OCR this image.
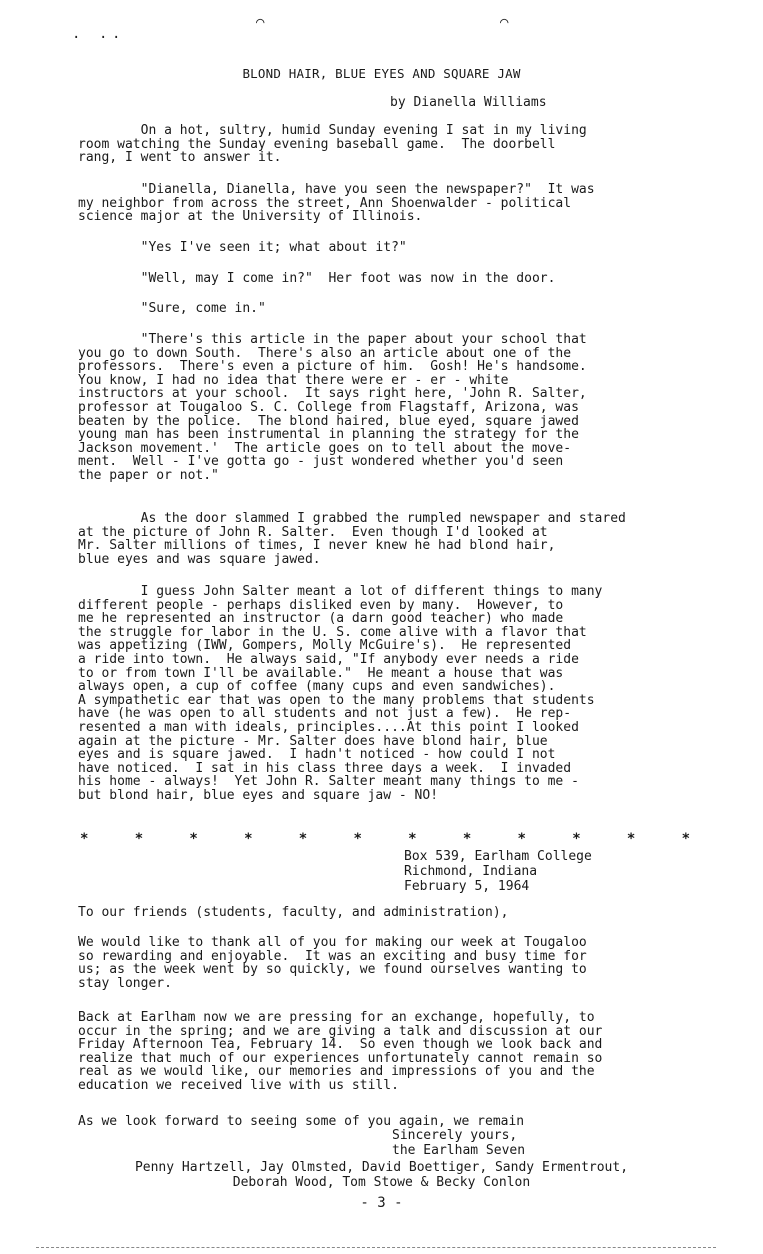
· · ·
⌒	⌒
BLOND HAIR, BLUE EYES AND SQUARE JAW
by Dianella Williams
On a hot, sultry, humid Sunday evening I sat in my living
room watching the Sunday evening baseball game.  The doorbell
rang, I went to answer it.
"Dianella, Dianella, have you seen the newspaper?"  It was
my neighbor from across the street, Ann Shoenwalder - political
science major at the University of Illinois.
"Yes I've seen it; what about it?"
"Well, may I come in?"  Her foot was now in the door.
"Sure, come in."
"There's this article in the paper about your school that
you go to down South.  There's also an article about one of the
professors.  There's even a picture of him.  Gosh! He's handsome.
You know, I had no idea that there were er - er - white
instructors at your school.  It says right here, 'John R. Salter,
professor at Tougaloo S. C. College from Flagstaff, Arizona, was
beaten by the police.  The blond haired, blue eyed, square jawed
young man has been instrumental in planning the strategy for the
Jackson movement.'  The article goes on to tell about the move-
ment.  Well - I've gotta go - just wondered whether you'd seen
the paper or not."
As the door slammed I grabbed the rumpled newspaper and stared
at the picture of John R. Salter.  Even though I'd looked at
Mr. Salter millions of times, I never knew he had blond hair,
blue eyes and was square jawed.
I guess John Salter meant a lot of different things to many
different people - perhaps disliked even by many.  However, to
me he represented an instructor (a darn good teacher) who made
the struggle for labor in the U. S. come alive with a flavor that
was appetizing (IWW, Gompers, Molly McGuire's).  He represented
a ride into town.  He always said, "If anybody ever needs a ride
to or from town I'll be available."  He meant a house that was
always open, a cup of coffee (many cups and even sandwiches).
A sympathetic ear that was open to the many problems that students
have (he was open to all students and not just a few).  He rep-
resented a man with ideals, principles....At this point I looked
again at the picture - Mr. Salter does have blond hair, blue
eyes and is square jawed.  I hadn't noticed - how could I not
have noticed.  I sat in his class three days a week.  I invaded
his home - always!  Yet John R. Salter meant many things to me -
but blond hair, blue eyes and square jaw - NO!
*	*	*	*	*	*	*	*	*	*	*	*
Box 539, Earlham College
Richmond, Indiana
February 5, 1964
To our friends (students, faculty, and administration),
We would like to thank all of you for making our week at Tougaloo
so rewarding and enjoyable.  It was an exciting and busy time for
us; as the week went by so quickly, we found ourselves wanting to
stay longer.
Back at Earlham now we are pressing for an exchange, hopefully, to
occur in the spring; and we are giving a talk and discussion at our
Friday Afternoon Tea, February 14.  So even though we look back and
realize that much of our experiences unfortunately cannot remain so
real as we would like, our memories and impressions of you and the
education we received live with us still.
As we look forward to seeing some of you again, we remain
Sincerely yours,
the Earlham Seven
Penny Hartzell, Jay Olmsted, David Boettiger, Sandy Ermentrout,
Deborah Wood, Tom Stowe & Becky Conlon
- 3 -
